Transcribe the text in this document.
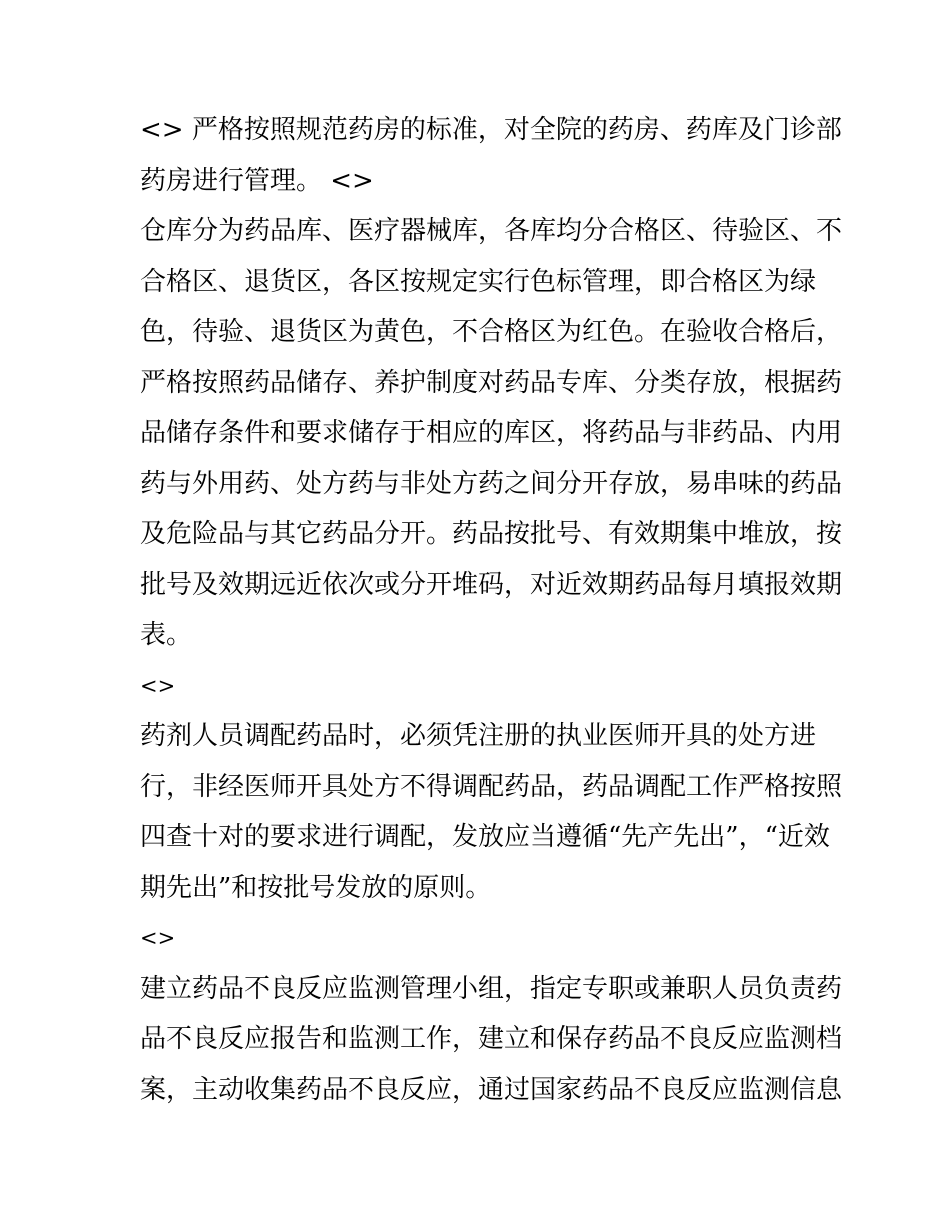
<> 严格按照规范药房的标准，对全院的药房、药库及门诊部
药房进行管理。 <>
仓库分为药品库、医疗器械库，各库均分合格区、待验区、不
合格区、退货区，各区按规定实行色标管理，即合格区为绿
色，待验、退货区为黄色，不合格区为红色。在验收合格后，
严格按照药品储存、养护制度对药品专库、分类存放，根据药
品储存条件和要求储存于相应的库区，将药品与非药品、内用
药与外用药、处方药与非处方药之间分开存放，易串味的药品
及危险品与其它药品分开。药品按批号、有效期集中堆放，按
批号及效期远近依次或分开堆码，对近效期药品每月填报效期
表。
<>
药剂人员调配药品时，必须凭注册的执业医师开具的处方进
行，非经医师开具处方不得调配药品，药品调配工作严格按照
四查十对的要求进行调配，发放应当遵循“先产先出”，“近效
期先出”和按批号发放的原则。
<>
建立药品不良反应监测管理小组，指定专职或兼职人员负责药
品不良反应报告和监测工作，建立和保存药品不良反应监测档
案，主动收集药品不良反应，通过国家药品不良反应监测信息
